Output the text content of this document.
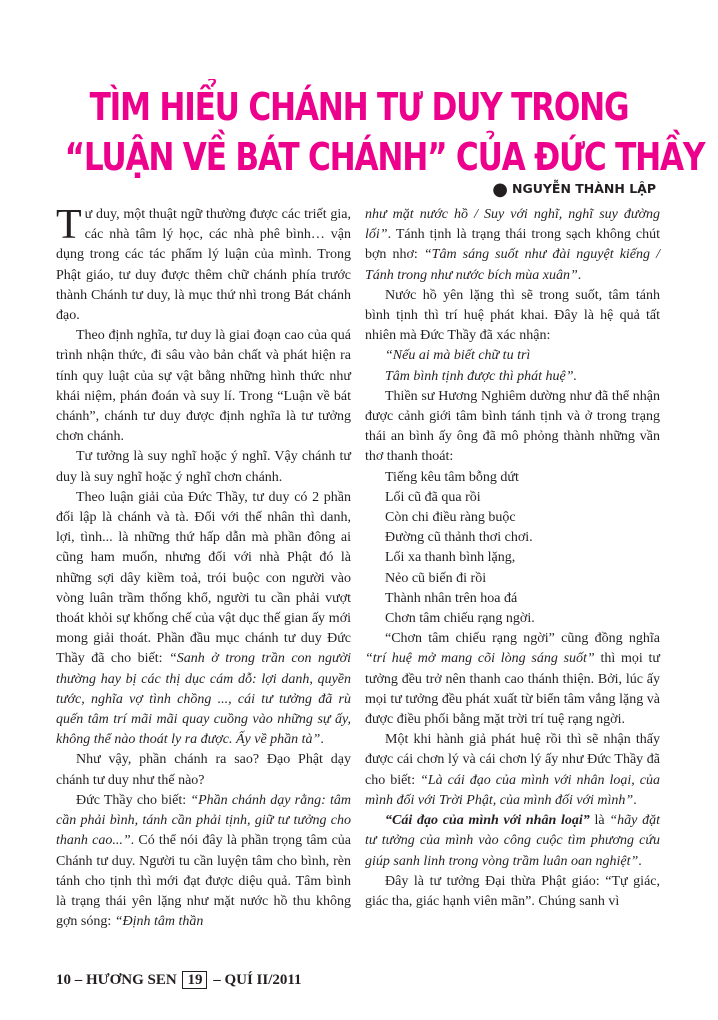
TÌM HIỂU CHÁNH TƯ DUY TRONG
“LUẬN VỀ BÁT CHÁNH” CỦA ĐỨC THẦY
● NGUYỄN THÀNH LẬP

Tư duy, một thuật ngữ thường được các triết gia, các nhà tâm lý học, các nhà phê bình… vận dụng trong các tác phẩm lý luận của mình. Trong Phật giáo, tư duy được thêm chữ chánh phía trước thành Chánh tư duy, là mục thứ nhì trong Bát chánh đạo.

Theo định nghĩa, tư duy là giai đoạn cao của quá trình nhận thức, đi sâu vào bản chất và phát hiện ra tính quy luật của sự vật bằng những hình thức như khái niệm, phán đoán và suy lí. Trong “Luận về bát chánh”, chánh tư duy được định nghĩa là tư tưởng chơn chánh.

Tư tưởng là suy nghĩ hoặc ý nghĩ. Vậy chánh tư duy là suy nghĩ hoặc ý nghĩ chơn chánh.

Theo luận giải của Đức Thầy, tư duy có 2 phần đối lập là chánh và tà. Đối với thế nhân thì danh, lợi, tình... là những thứ hấp dẫn mà phần đông ai cũng ham muốn, nhưng đối với nhà Phật đó là những sợi dây kiềm toả, trói buộc con người vào vòng luân trầm thống khổ, người tu cần phải vượt thoát khỏi sự khống chế của vật dục thế gian ấy mới mong giải thoát. Phần đầu mục chánh tư duy Đức Thầy đã cho biết: “Sanh ở trong trần con người thường hay bị các thị dục cám dỗ: lợi danh, quyền tước, nghĩa vợ tình chồng ..., cái tư tưởng đã rù quến tâm trí mãi mãi quay cuồng vào những sự ấy, không thể nào thoát ly ra được. Ấy về phần tà”.

Như vậy, phần chánh ra sao? Đạo Phật dạy chánh tư duy như thế nào?

Đức Thầy cho biết: “Phần chánh dạy rằng: tâm cần phải bình, tánh cần phải tịnh, giữ tư tưởng cho thanh cao...”. Có thể nói đây là phần trọng tâm của Chánh tư duy. Người tu cần luyện tâm cho bình, rèn tánh cho tịnh thì mới đạt được diệu quả. Tâm bình là trạng thái yên lặng như mặt nước hồ thu không gợn sóng: “Định tâm thần

như mặt nước hồ / Suy với nghĩ, nghĩ suy đường lối”. Tánh tịnh là trạng thái trong sạch không chút bợn nhơ: “Tâm sáng suốt như đài nguyệt kiếng / Tánh trong như nước bích mùa xuân”.

Nước hồ yên lặng thì sẽ trong suốt, tâm tánh bình tịnh thì trí huệ phát khai. Đây là hệ quả tất nhiên mà Đức Thầy đã xác nhận:

“Nếu ai mà biết chữ tu trì

Tâm bình tịnh được thì phát huệ”.

Thiền sư Hương Nghiêm dường như đã thể nhận được cảnh giới tâm bình tánh tịnh và ở trong trạng thái an bình ấy ông đã mô phỏng thành những vần thơ thanh thoát:

Tiếng kêu tâm bỗng dứt

Lối cũ đã qua rồi

Còn chi điều ràng buộc

Đường cũ thảnh thơi chơi.

Lối xa thanh bình lặng,

Nẻo cũ biến đi rồi

Thành nhân trên hoa đá

Chơn tâm chiếu rạng ngời.

“Chơn tâm chiếu rạng ngời” cũng đồng nghĩa “trí huệ mở mang cõi lòng sáng suốt” thì mọi tư tưởng đều trở nên thanh cao thánh thiện. Bởi, lúc ấy mọi tư tưởng đều phát xuất từ biển tâm vắng lặng và được điều phối bằng mặt trời trí tuệ rạng ngời.

Một khi hành giả phát huệ rồi thì sẽ nhận thấy được cái chơn lý và cái chơn lý ấy như Đức Thầy đã cho biết: “Là cái đạo của mình với nhân loại, của mình đối với Trời Phật, của mình đối với mình”.

“Cái đạo của mình với nhân loại” là “hãy đặt tư tưởng của mình vào công cuộc tìm phương cứu giúp sanh linh trong vòng trầm luân oan nghiệt”.

Đây là tư tưởng Đại thừa Phật giáo: “Tự giác, giác tha, giác hạnh viên mãn”. Chúng sanh vì

10 – HƯƠNG SEN 19 – QUÍ II/2011
